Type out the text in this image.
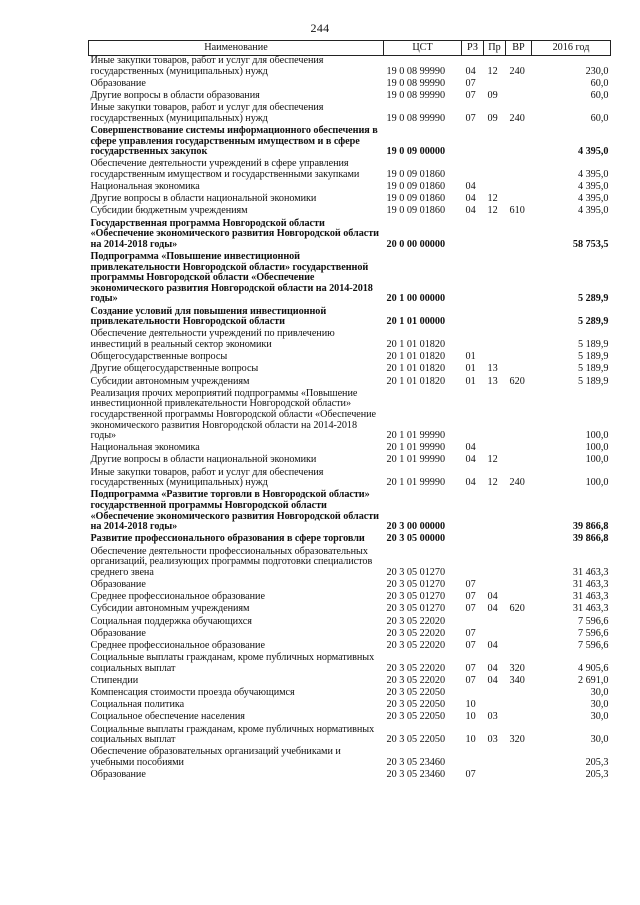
244
Наименование	ЦСТ	РЗ	Пр	ВР	2016 год
Иные закупки товаров, работ и услуг для обеспечения государственных (муниципальных) нужд	19 0 08 99990	04	12	240	230,0
Образование	19 0 08 99990	07			60,0
Другие вопросы в области образования	19 0 08 99990	07	09		60,0
Иные закупки товаров, работ и услуг для обеспечения государственных (муниципальных) нужд	19 0 08 99990	07	09	240	60,0
Совершенствование системы информационного обеспечения в сфере управления государственным имуществом и в сфере государственных закупок	19 0 09 00000				4 395,0
Обеспечение деятельности учреждений в сфере управления государственным имуществом и государственными закупками	19 0 09 01860				4 395,0
Национальная экономика	19 0 09 01860	04			4 395,0
Другие вопросы в области национальной экономики	19 0 09 01860	04	12		4 395,0
Субсидии бюджетным учреждениям	19 0 09 01860	04	12	610	4 395,0
Государственная программа Новгородской области «Обеспечение экономического развития Новгородской области на 2014-2018 годы»	20 0 00 00000				58 753,5
Подпрограмма «Повышение инвестиционной привлекательности Новгородской области» государственной программы Новгородской области «Обеспечение экономического развития Новгородской области на 2014-2018 годы»	20 1 00 00000				5 289,9
Создание условий для повышения инвестиционной привлекательности Новгородской области	20 1 01 00000				5 289,9
Обеспечение деятельности учреждений по привлечению инвестиций в реальный сектор экономики	20 1 01 01820				5 189,9
Общегосударственные вопросы	20 1 01 01820	01			5 189,9
Другие общегосударственные вопросы	20 1 01 01820	01	13		5 189,9
Субсидии автономным учреждениям	20 1 01 01820	01	13	620	5 189,9
Реализация прочих мероприятий подпрограммы «Повышение инвестиционной привлекательности Новгородской области» государственной программы Новгородской области «Обеспечение экономического развития Новгородской области на 2014-2018 годы»	20 1 01 99990				100,0
Национальная экономика	20 1 01 99990	04			100,0
Другие вопросы в области национальной экономики	20 1 01 99990	04	12		100,0
Иные закупки товаров, работ и услуг для обеспечения государственных (муниципальных) нужд	20 1 01 99990	04	12	240	100,0
Подпрограмма «Развитие торговли в Новгородской области» государственной программы Новгородской области «Обеспечение экономического развития Новгородской области на 2014-2018 годы»	20 3 00 00000				39 866,8
Развитие профессионального образования в сфере торговли	20 3 05 00000				39 866,8
Обеспечение деятельности профессиональных образовательных организаций, реализующих программы подготовки специалистов среднего звена	20 3 05 01270				31 463,3
Образование	20 3 05 01270	07			31 463,3
Среднее профессиональное образование	20 3 05 01270	07	04		31 463,3
Субсидии автономным учреждениям	20 3 05 01270	07	04	620	31 463,3
Социальная поддержка обучающихся	20 3 05 22020				7 596,6
Образование	20 3 05 22020	07			7 596,6
Среднее профессиональное образование	20 3 05 22020	07	04		7 596,6
Социальные выплаты гражданам, кроме публичных нормативных социальных выплат	20 3 05 22020	07	04	320	4 905,6
Стипендии	20 3 05 22020	07	04	340	2 691,0
Компенсация стоимости проезда обучающимся	20 3 05 22050				30,0
Социальная политика	20 3 05 22050	10			30,0
Социальное обеспечение населения	20 3 05 22050	10	03		30,0
Социальные выплаты гражданам, кроме публичных нормативных социальных выплат	20 3 05 22050	10	03	320	30,0
Обеспечение образовательных организаций учебниками и учебными пособиями	20 3 05 23460				205,3
Образование	20 3 05 23460	07			205,3
